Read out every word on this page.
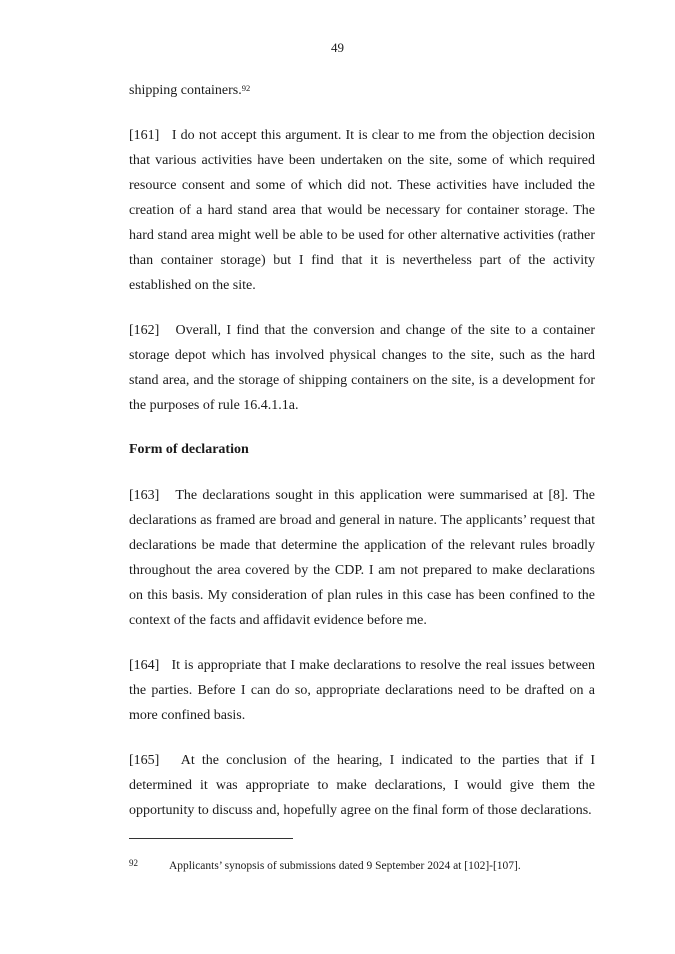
49
shipping containers.$^{92}$

[161] I do not accept this argument. It is clear to me from the objection decision that various activities have been undertaken on the site, some of which required resource consent and some of which did not. These activities have included the creation of a hard stand area that would be necessary for container storage. The hard stand area might well be able to be used for other alternative activities (rather than container storage) but I find that it is nevertheless part of the activity established on the site.

[162] Overall, I find that the conversion and change of the site to a container storage depot which has involved physical changes to the site, such as the hard stand area, and the storage of shipping containers on the site, is a development for the purposes of rule 16.4.1.1a.

Form of declaration

[163] The declarations sought in this application were summarised at [8]. The declarations as framed are broad and general in nature. The applicants’ request that declarations be made that determine the application of the relevant rules broadly throughout the area covered by the CDP. I am not prepared to make declarations on this basis. My consideration of plan rules in this case has been confined to the context of the facts and affidavit evidence before me.

[164] It is appropriate that I make declarations to resolve the real issues between the parties. Before I can do so, appropriate declarations need to be drafted on a more confined basis.

[165] At the conclusion of the hearing, I indicated to the parties that if I determined it was appropriate to make declarations, I would give them the opportunity to discuss and, hopefully agree on the final form of those declarations.

92	Applicants’ synopsis of submissions dated 9 September 2024 at [102]-[107].
